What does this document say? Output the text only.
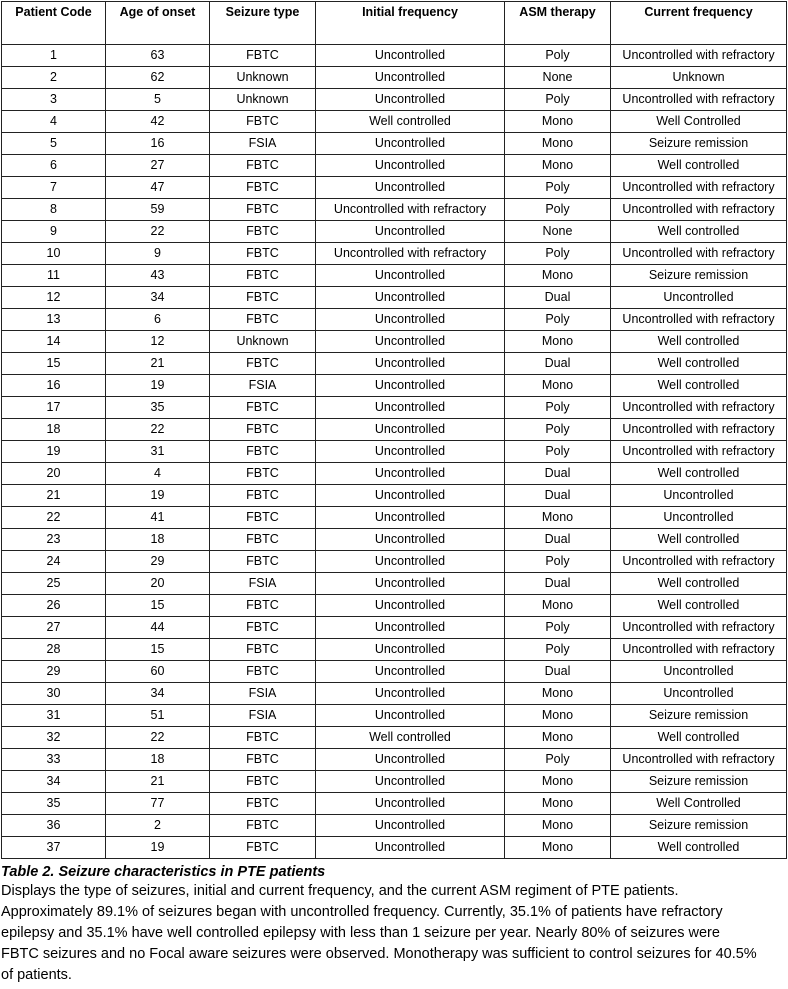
Patient Code	Age of onset	Seizure type	Initial frequency	ASM therapy	Current frequency
1	63	FBTC	Uncontrolled	Poly	Uncontrolled with refractory
2	62	Unknown	Uncontrolled	None	Unknown
3	5	Unknown	Uncontrolled	Poly	Uncontrolled with refractory
4	42	FBTC	Well controlled	Mono	Well Controlled
5	16	FSIA	Uncontrolled	Mono	Seizure remission
6	27	FBTC	Uncontrolled	Mono	Well controlled
7	47	FBTC	Uncontrolled	Poly	Uncontrolled with refractory
8	59	FBTC	Uncontrolled with refractory	Poly	Uncontrolled with refractory
9	22	FBTC	Uncontrolled	None	Well controlled
10	9	FBTC	Uncontrolled with refractory	Poly	Uncontrolled with refractory
11	43	FBTC	Uncontrolled	Mono	Seizure remission
12	34	FBTC	Uncontrolled	Dual	Uncontrolled
13	6	FBTC	Uncontrolled	Poly	Uncontrolled with refractory
14	12	Unknown	Uncontrolled	Mono	Well controlled
15	21	FBTC	Uncontrolled	Dual	Well controlled
16	19	FSIA	Uncontrolled	Mono	Well controlled
17	35	FBTC	Uncontrolled	Poly	Uncontrolled with refractory
18	22	FBTC	Uncontrolled	Poly	Uncontrolled with refractory
19	31	FBTC	Uncontrolled	Poly	Uncontrolled with refractory
20	4	FBTC	Uncontrolled	Dual	Well controlled
21	19	FBTC	Uncontrolled	Dual	Uncontrolled
22	41	FBTC	Uncontrolled	Mono	Uncontrolled
23	18	FBTC	Uncontrolled	Dual	Well controlled
24	29	FBTC	Uncontrolled	Poly	Uncontrolled with refractory
25	20	FSIA	Uncontrolled	Dual	Well controlled
26	15	FBTC	Uncontrolled	Mono	Well controlled
27	44	FBTC	Uncontrolled	Poly	Uncontrolled with refractory
28	15	FBTC	Uncontrolled	Poly	Uncontrolled with refractory
29	60	FBTC	Uncontrolled	Dual	Uncontrolled
30	34	FSIA	Uncontrolled	Mono	Uncontrolled
31	51	FSIA	Uncontrolled	Mono	Seizure remission
32	22	FBTC	Well controlled	Mono	Well controlled
33	18	FBTC	Uncontrolled	Poly	Uncontrolled with refractory
34	21	FBTC	Uncontrolled	Mono	Seizure remission
35	77	FBTC	Uncontrolled	Mono	Well Controlled
36	2	FBTC	Uncontrolled	Mono	Seizure remission
37	19	FBTC	Uncontrolled	Mono	Well controlled
Table 2. Seizure characteristics in PTE patients
Displays the type of seizures, initial and current frequency, and the current ASM regiment of PTE patients. Approximately 89.1% of seizures began with uncontrolled frequency. Currently, 35.1% of patients have refractory epilepsy and 35.1% have well controlled epilepsy with less than 1 seizure per year. Nearly 80% of seizures were FBTC seizures and no Focal aware seizures were observed. Monotherapy was sufficient to control seizures for 40.5% of patients.
